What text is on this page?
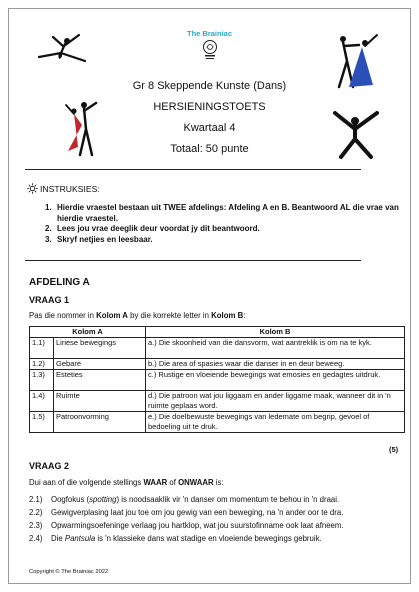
The Brainiac
Gr 8 Skeppende Kunste (Dans)
HERSIENINGSTOETS
Kwartaal 4
Totaal: 50 punte
INSTRUKSIES:
1. Hierdie vraestel bestaan uit TWEE afdelings: Afdeling A en B. Beantwoord AL die vrae van hierdie vraestel.
2. Lees jou vrae deeglik deur voordat jy dit beantwoord.
3. Skryf netjies en leesbaar.
AFDELING A
VRAAG 1
Pas die nommer in Kolom A by die korrekte letter in Kolom B:
Kolom A		Kolom B
1.1)	Liriese bewegings	a.) Die skoonheid van die dansvorm, wat aantreklik is om na te kyk.
1.2)	Gebare	b.) Die area of spasies waar die danser in en deur beweeg.
1.3)	Esteties	c.) Rustige en vloeiende bewegings wat emosies en gedagtes uitdruk.
1.4)	Ruimte	d.) Die patroon wat jou liggaam en ander liggame maak, wanneer dit in 'n ruimte geplaas word.
1.5)	Patroonvorming	e.) Die doelbewuste bewegings van ledemate om begrip, gevoel of bedoeling uit te druk.
(5)
VRAAG 2
Dui aan of die volgende stellings WAAR of ONWAAR is:
2.1)	Oogfokus (spotting) is noodsaaklik vir 'n danser om momentum te behou in 'n draai.
2.2)	Gewigverplasing laat jou toe om jou gewig van een beweging, na 'n ander oor te dra.
2.3)	Opwarmingsoefeninge verlaag jou hartklop, wat jou suurstofinname ook laat afneem.
2.4)	Die Pantsula is 'n klassieke dans wat stadige en vloeiende bewegings gebruik.
Copyright © The Brainiac 2022
